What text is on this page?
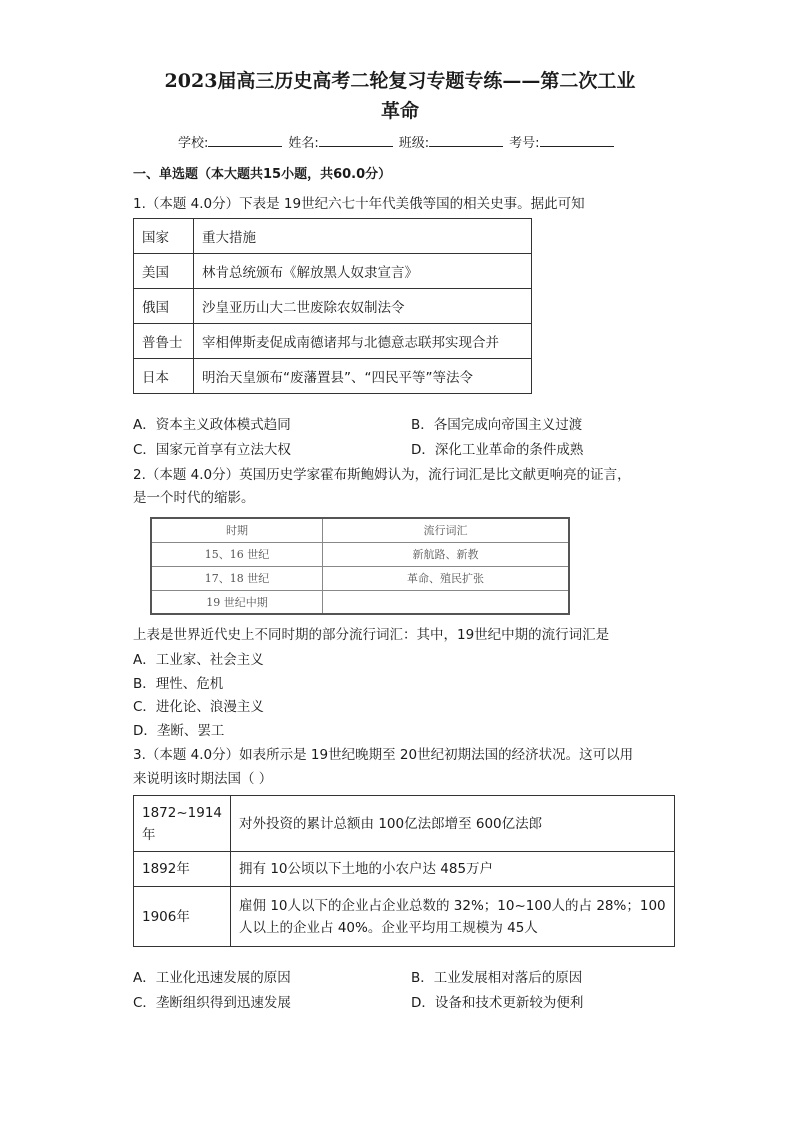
2023届高三历史高考二轮复习专题专练——第二次工业
革命
学校:	姓名:	班级:	考号:
一、单选题（本大题共15小题，共60.0分）
1.（本题 4.0分）下表是 19世纪六七十年代美俄等国的相关史事。据此可知
国家	重大措施
美国	林肯总统颁布《解放黑人奴隶宣言》
俄国	沙皇亚历山大二世废除农奴制法令
普鲁士	宰相俾斯麦促成南德诸邦与北德意志联邦实现合并
日本	明治天皇颁布“废藩置县”、“四民平等”等法令
A．资本主义政体模式趋同	B．各国完成向帝国主义过渡
C．国家元首享有立法大权	D．深化工业革命的条件成熟
2.（本题 4.0分）英国历史学家霍布斯鲍姆认为，流行词汇是比文献更响亮的证言，
是一个时代的缩影。
时期	流行词汇
15、16 世纪	新航路、新教
17、18 世纪	革命、殖民扩张
19 世纪中期	
上表是世界近代史上不同时期的部分流行词汇：其中，19世纪中期的流行词汇是
A．工业家、社会主义
B．理性、危机
C．进化论、浪漫主义
D．垄断、罢工
3.（本题 4.0分）如表所示是 19世纪晚期至 20世纪初期法国的经济状况。这可以用
来说明该时期法国（ ）
1872~1914年	对外投资的累计总额由 100亿法郎增至 600亿法郎
1892年	拥有 10公顷以下土地的小农户达 485万户
1906年	雇佣 10人以下的企业占企业总数的 32%；10~100人的占 28%；100人以上的企业占 40%。企业平均用工规模为 45人
A．工业化迅速发展的原因	B．工业发展相对落后的原因
C．垄断组织得到迅速发展	D．设备和技术更新较为便利
